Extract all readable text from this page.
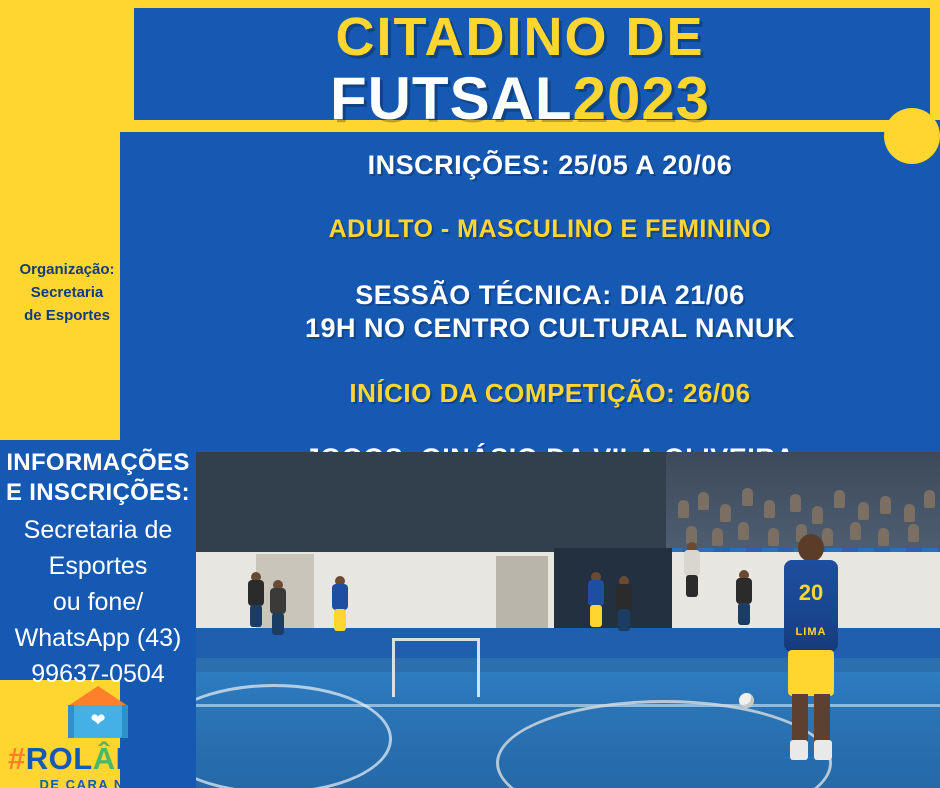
CITADINO DE
FUTSAL2023
INSCRIÇÕES: 25/05 A 20/06
ADULTO - MASCULINO E FEMININO
SESSÃO TÉCNICA: DIA 21/06
19H NO CENTRO CULTURAL NANUK
INÍCIO DA COMPETIÇÃO: 26/06
Organização:
Secretaria
de Esportes
20
LIMA
INFORMAÇÕES
E INSCRIÇÕES:
Secretaria de
Esportes
ou fone/
WhatsApp (43)
99637-0504
❤
#ROLÂNDIA
DE CARA NOVA
